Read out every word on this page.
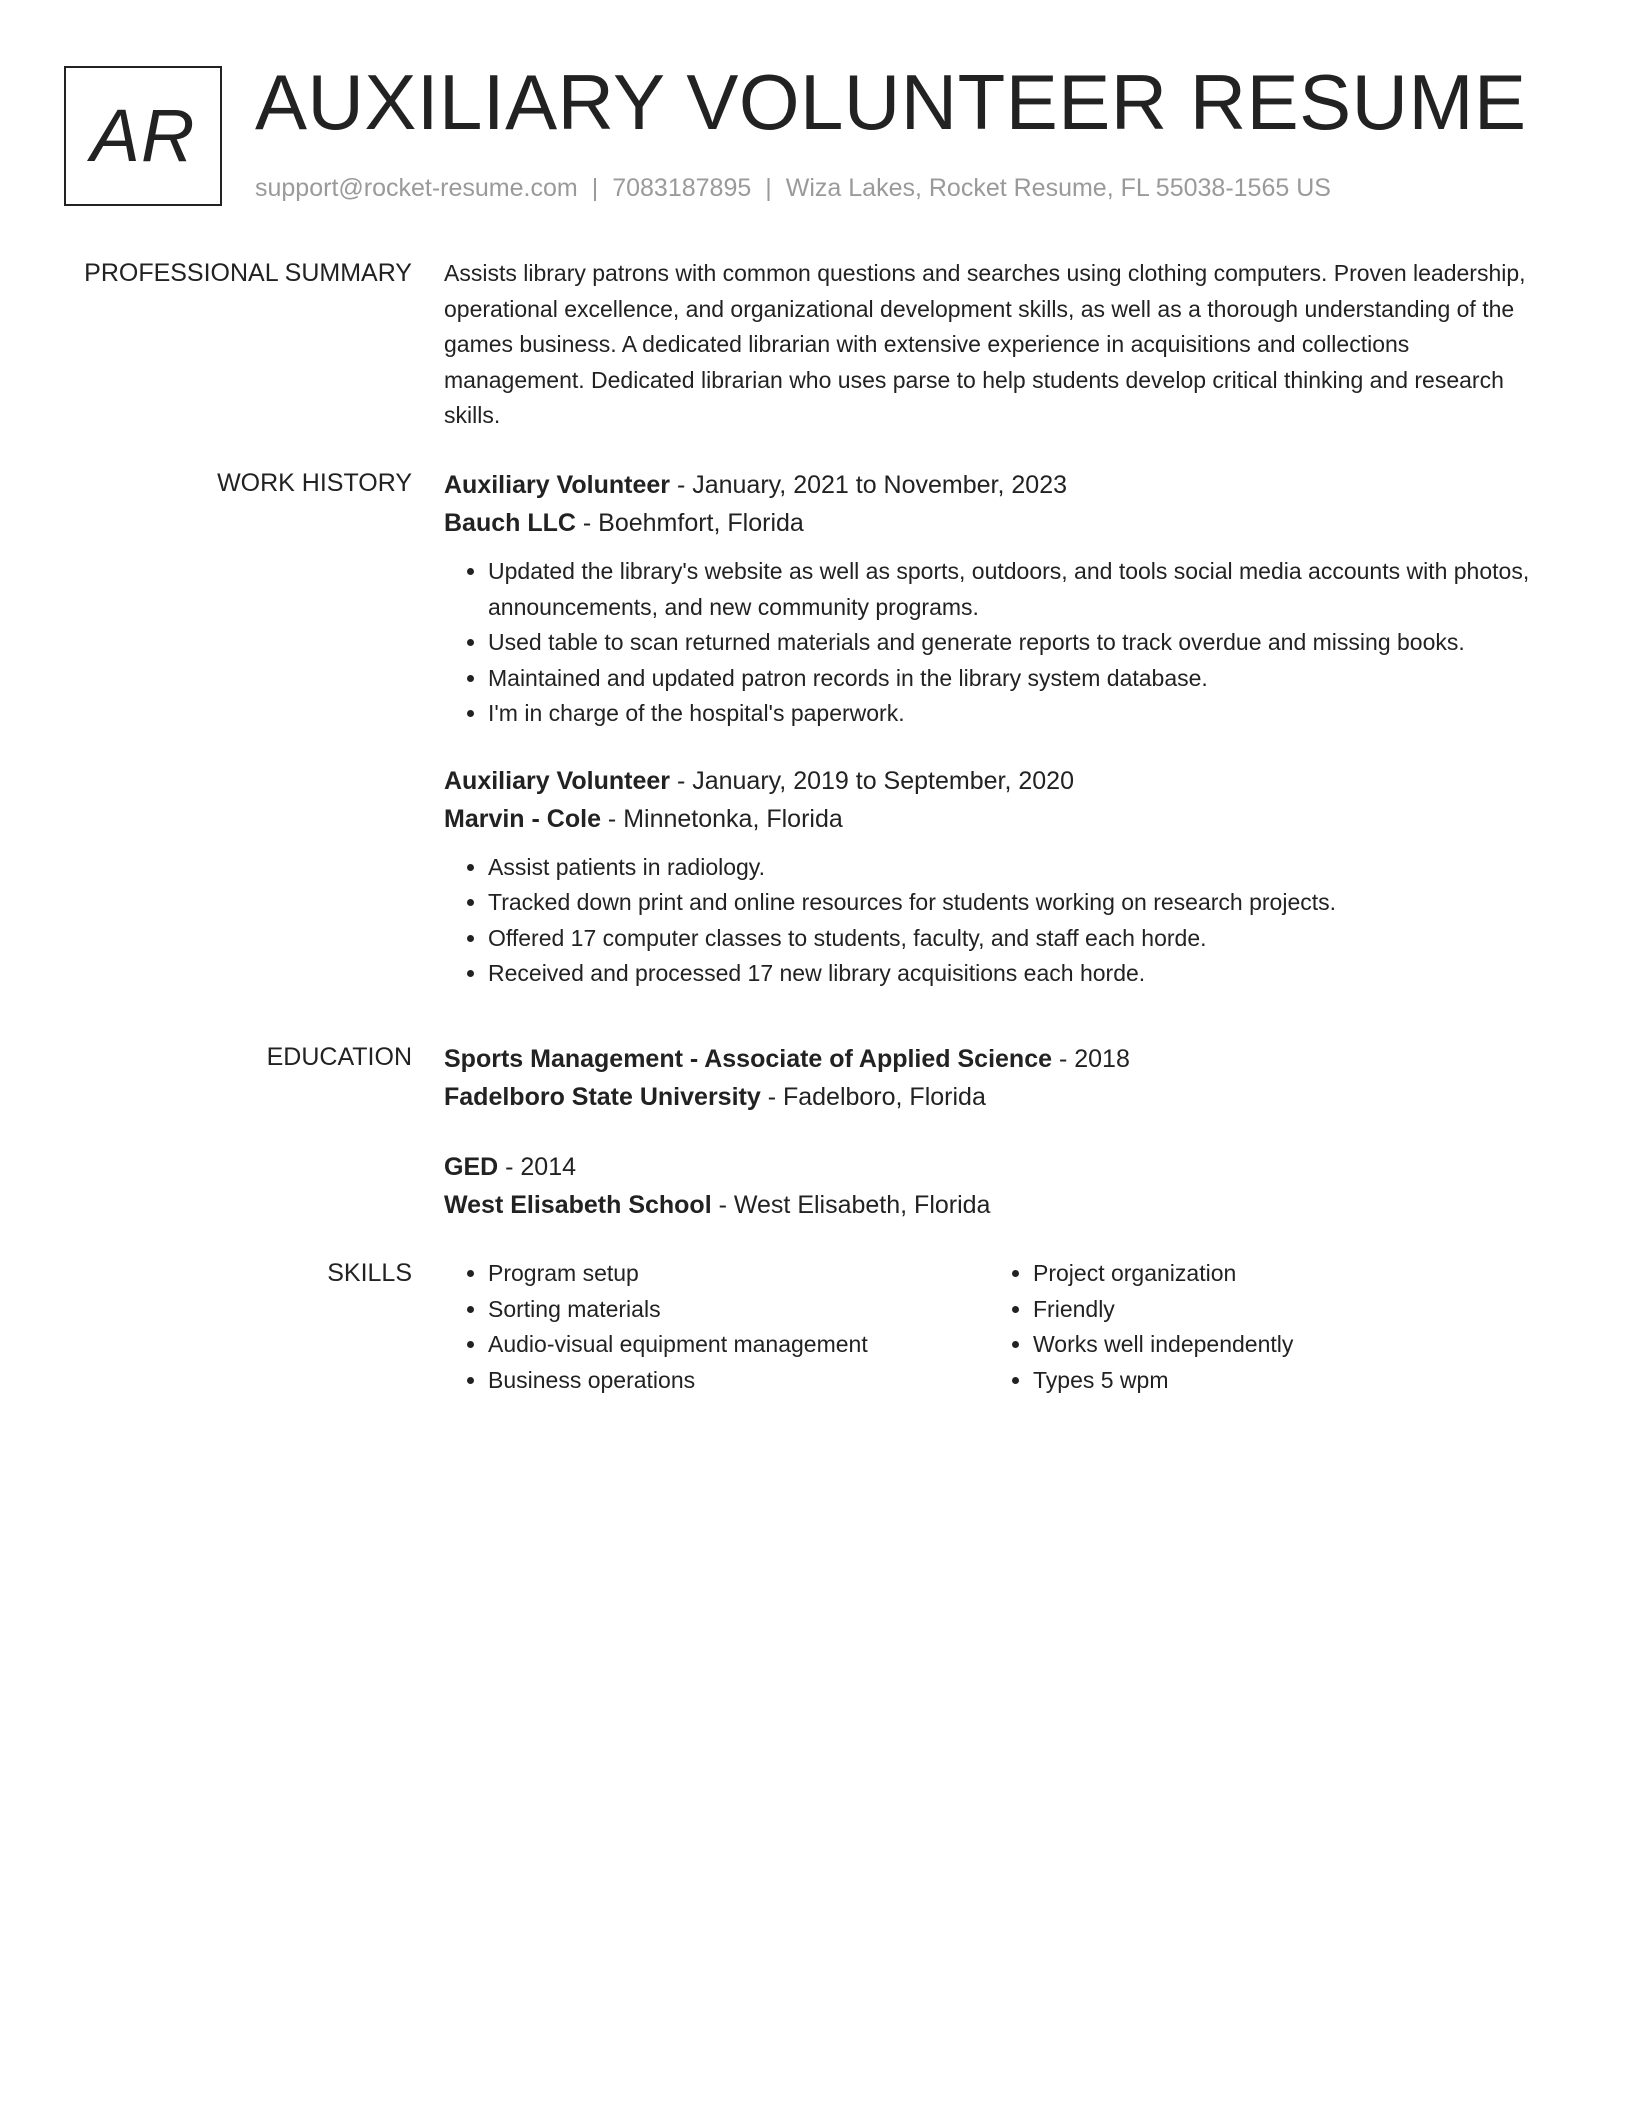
AR AUXILIARY VOLUNTEER RESUME
support@rocket-resume.com | 7083187895 | Wiza Lakes, Rocket Resume, FL 55038-1565 US
PROFESSIONAL SUMMARY Assists library patrons with common questions and searches using clothing computers. Proven leadership, operational excellence, and organizational development skills, as well as a thorough understanding of the games business. A dedicated librarian with extensive experience in acquisitions and collections management. Dedicated librarian who uses parse to help students develop critical thinking and research skills.

WORK HISTORY Auxiliary Volunteer - January, 2021 to November, 2023
Bauch LLC - Boehmfort, Florida
• Updated the library's website as well as sports, outdoors, and tools social media accounts with photos, announcements, and new community programs.
• Used table to scan returned materials and generate reports to track overdue and missing books.
• Maintained and updated patron records in the library system database.
• I'm in charge of the hospital's paperwork.
Auxiliary Volunteer - January, 2019 to September, 2020
Marvin - Cole - Minnetonka, Florida
• Assist patients in radiology.
• Tracked down print and online resources for students working on research projects.
• Offered 17 computer classes to students, faculty, and staff each horde.
• Received and processed 17 new library acquisitions each horde.
EDUCATION Sports Management - Associate of Applied Science - 2018
Fadelboro State University - Fadelboro, Florida
GED - 2014
West Elisabeth School - West Elisabeth, Florida
SKILLS
•	Program setup
• Sorting materials
• Audio-visual equipment management
• Business operations
• Project organization
• Friendly
• Works well independently
• Types 5 wpm
